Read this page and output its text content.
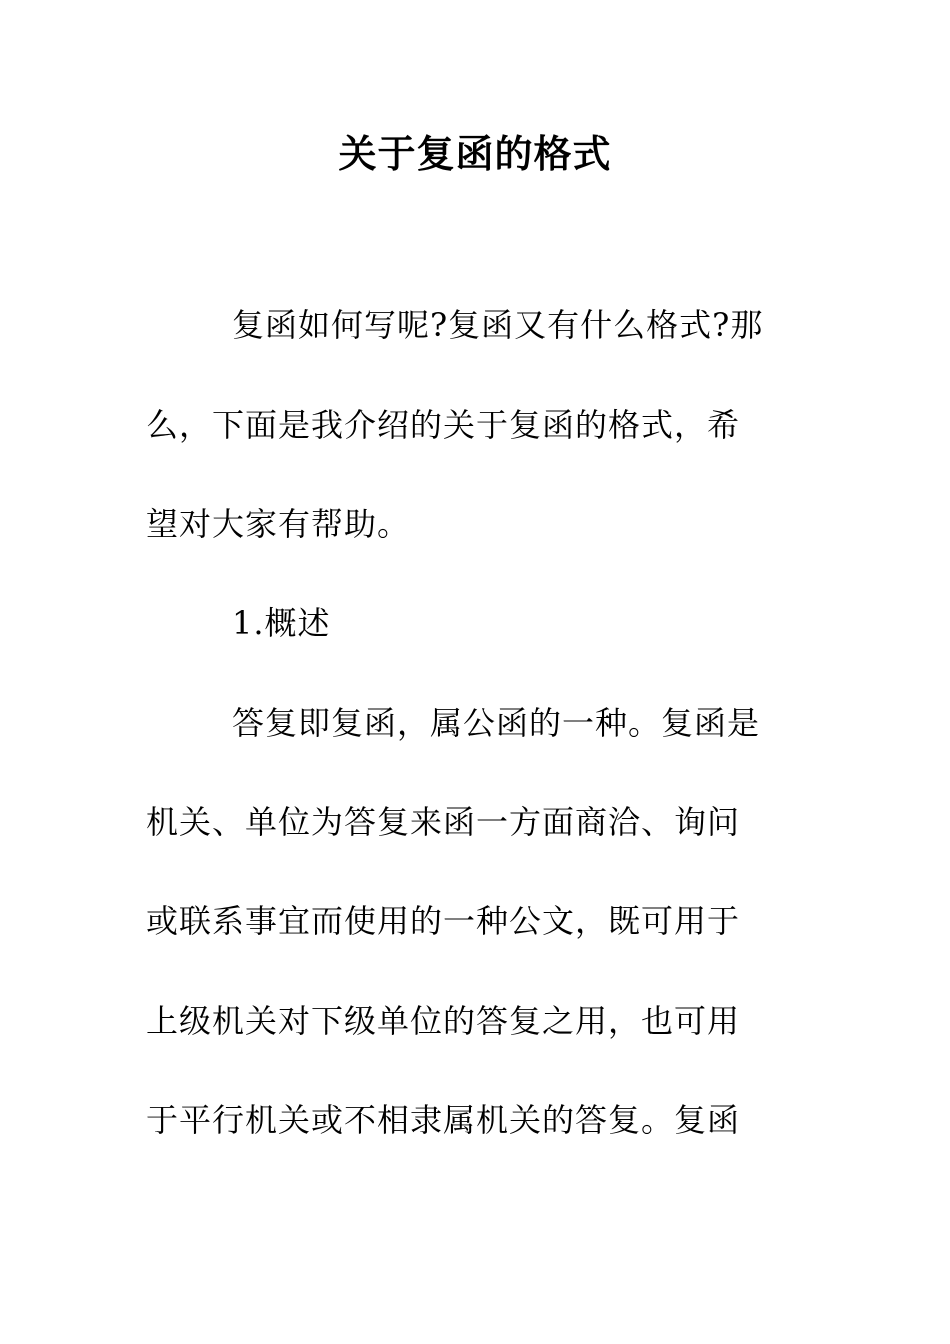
关于复函的格式
复函如何写呢?复函又有什么格式?那
么，下面是我介绍的关于复函的格式，希
望对大家有帮助。
1.概述
答复即复函，属公函的一种。复函是
机关、单位为答复来函一方面商洽、询问
或联系事宜而使用的一种公文，既可用于
上级机关对下级单位的答复之用，也可用
于平行机关或不相隶属机关的答复。复函
